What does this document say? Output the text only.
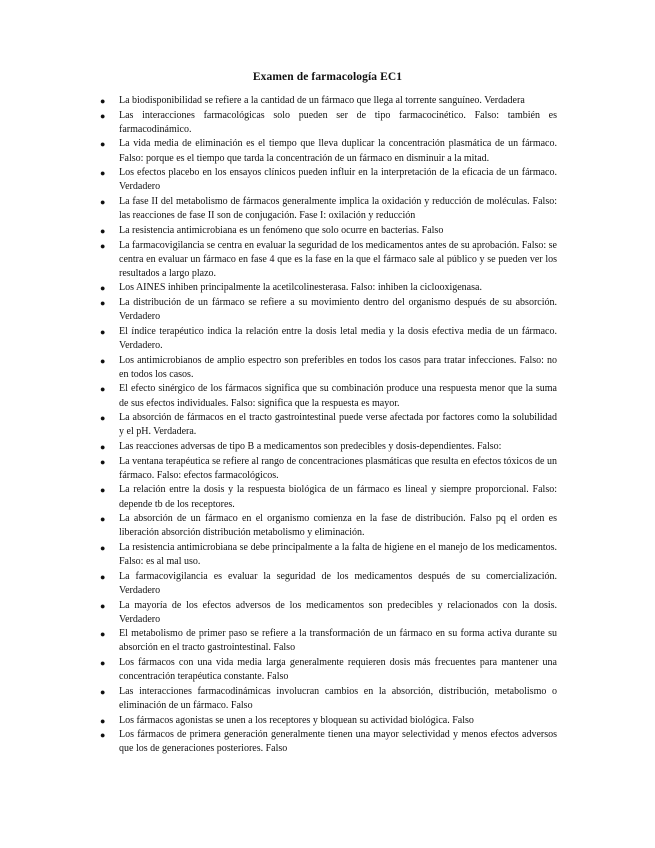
Examen de farmacología EC1
● La biodisponibilidad se refiere a la cantidad de un fármaco que llega al torrente sanguíneo. Verdadera
● Las interacciones farmacológicas solo pueden ser de tipo farmacocinético. Falso: también es farmacodinámico.
● La vida media de eliminación es el tiempo que lleva duplicar la concentración plasmática de un fármaco. Falso: porque es el tiempo que tarda la concentración de un fármaco en disminuir a la mitad.
● Los efectos placebo en los ensayos clínicos pueden influir en la interpretación de la eficacia de un fármaco. Verdadero
● La fase II del metabolismo de fármacos generalmente implica la oxidación y reducción de moléculas. Falso: las reacciones de fase II son de conjugación. Fase I: oxilación y reducción
● La resistencia antimicrobiana es un fenómeno que solo ocurre en bacterias. Falso
● La farmacovigilancia se centra en evaluar la seguridad de los medicamentos antes de su aprobación. Falso: se centra en evaluar un fármaco en fase 4 que es la fase en la que el fármaco sale al público y se pueden ver los resultados a largo plazo.
● Los AINES inhiben principalmente la acetilcolinesterasa. Falso: inhiben la ciclooxigenasa.
● La distribución de un fármaco se refiere a su movimiento dentro del organismo después de su absorción. Verdadero
● El índice terapéutico indica la relación entre la dosis letal media y la dosis efectiva media de un fármaco. Verdadero.
● Los antimicrobianos de amplio espectro son preferibles en todos los casos para tratar infecciones. Falso: no en todos los casos.
● El efecto sinérgico de los fármacos significa que su combinación produce una respuesta menor que la suma de sus efectos individuales. Falso: significa que la respuesta es mayor.
● La absorción de fármacos en el tracto gastrointestinal puede verse afectada por factores como la solubilidad y el pH. Verdadera.
● Las reacciones adversas de tipo B a medicamentos son predecibles y dosis-dependientes. Falso:
● La ventana terapéutica se refiere al rango de concentraciones plasmáticas que resulta en efectos tóxicos de un fármaco. Falso: efectos farmacológicos.
● La relación entre la dosis y la respuesta biológica de un fármaco es lineal y siempre proporcional. Falso: depende tb de los receptores.
● La absorción de un fármaco en el organismo comienza en la fase de distribución. Falso pq el orden es liberación absorción distribución metabolismo y eliminación.
● La resistencia antimicrobiana se debe principalmente a la falta de higiene en el manejo de los medicamentos. Falso: es al mal uso.
● La farmacovigilancia es evaluar la seguridad de los medicamentos después de su comercialización. Verdadero
● La mayoría de los efectos adversos de los medicamentos son predecibles y relacionados con la dosis. Verdadero
● El metabolismo de primer paso se refiere a la transformación de un fármaco en su forma activa durante su absorción en el tracto gastrointestinal. Falso
● Los fármacos con una vida media larga generalmente requieren dosis más frecuentes para mantener una concentración terapéutica constante. Falso
● Las interacciones farmacodinámicas involucran cambios en la absorción, distribución, metabolismo o eliminación de un fármaco. Falso
● Los fármacos agonistas se unen a los receptores y bloquean su actividad biológica. Falso
● Los fármacos de primera generación generalmente tienen una mayor selectividad y menos efectos adversos que los de generaciones posteriores. Falso
